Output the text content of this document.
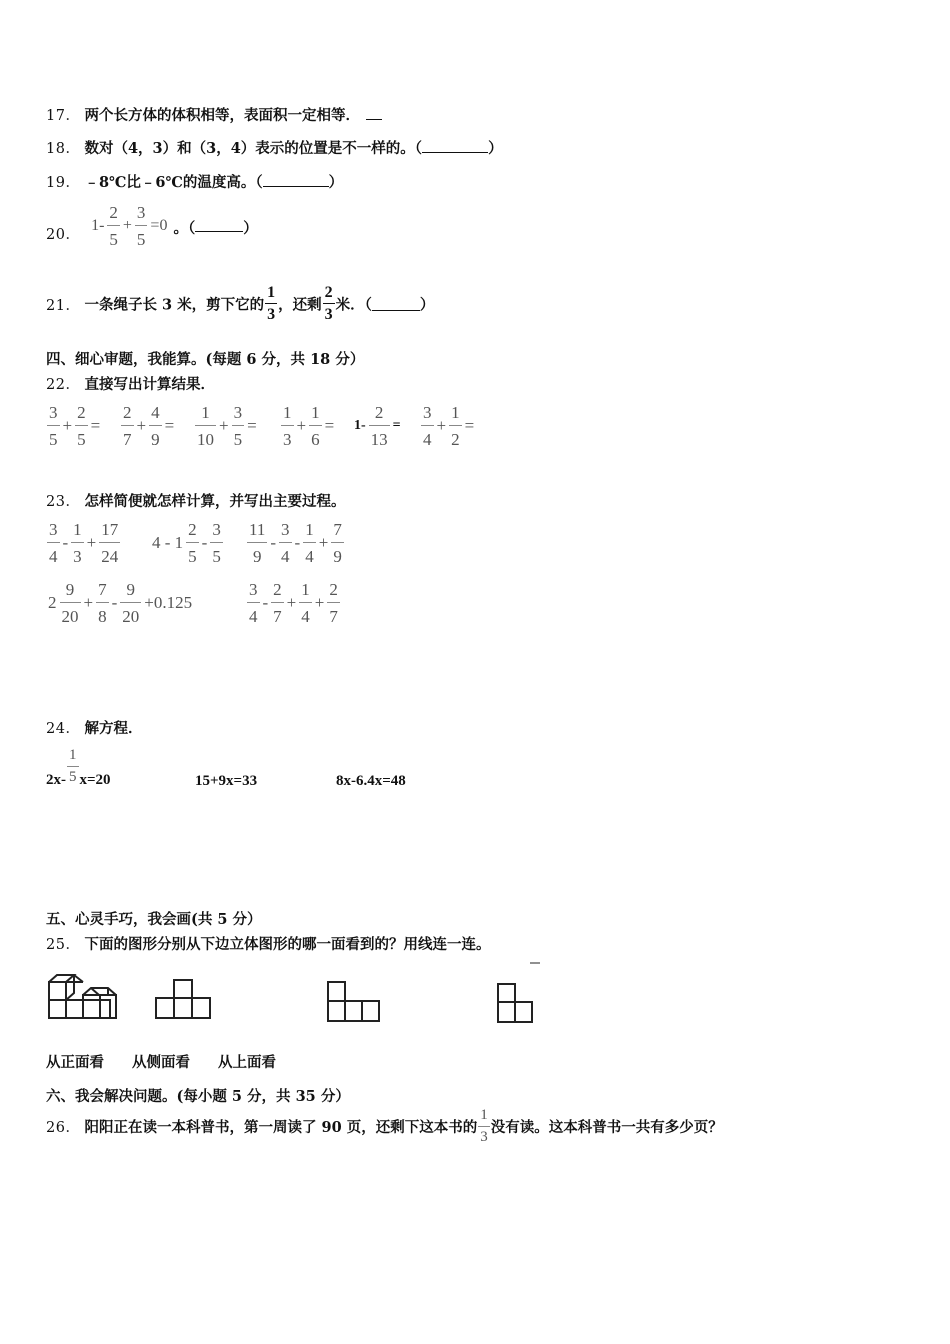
17． 两个长方体的体积相等，表面积一定相等．
18． 数对（4，3）和（3，4）表示的位置是不一样的。（	）
19． ﹣8℃比﹣6℃的温度高。（	）
20． $1- \frac{2}{5} + \frac{3}{5} =0$ 。（	）
21． 一条绳子长 3 米，剪下它的 $\frac{1}{3}$ ，还剩 $\frac{2}{3}$ 米．（	）
四、细心审题，我能算。(每题 6 分，共 18 分）
22． 直接写出计算结果．
$\frac{3}{5} + \frac{2}{5} = \frac{2}{7} + \frac{4}{9} = \frac{1}{10} + \frac{3}{5} = \frac{1}{3} + \frac{1}{6} = 1- \frac{2}{13} = \frac{3}{4} + \frac{1}{2}$ =
23． 怎样简便就怎样计算，并写出主要过程。
$\frac{3}{4} - \frac{1}{3} + \frac{17}{24} 4 - 1 \frac{2}{5} - \frac{3}{5} \frac{11}{9} - \frac{3}{4} - \frac{1}{4} + \frac{7}{9}$
$2 \frac{9}{20} + \frac{7}{8} - \frac{9}{20} +0.125$	$\frac{3}{4} - \frac{2}{7} + \frac{1}{4} + \frac{2}{7}$
24． 解方程．
$2x- \frac{1}{5} x=20$	15+9x=33	8x-6.4x=48
五、心灵手巧，我会画(共 5 分）
25． 下面的图形分别从下边立体图形的哪一面看到的？用线连一连。
从正面看 从侧面看 从上面看
六、我会解决问题。(每小题 5 分，共 35 分）
26． 阳阳正在读一本科普书，第一周读了 90 页，还剩下这本书的 $\frac{1}{3}$ 没有读。这本科普书一共有多少页？
